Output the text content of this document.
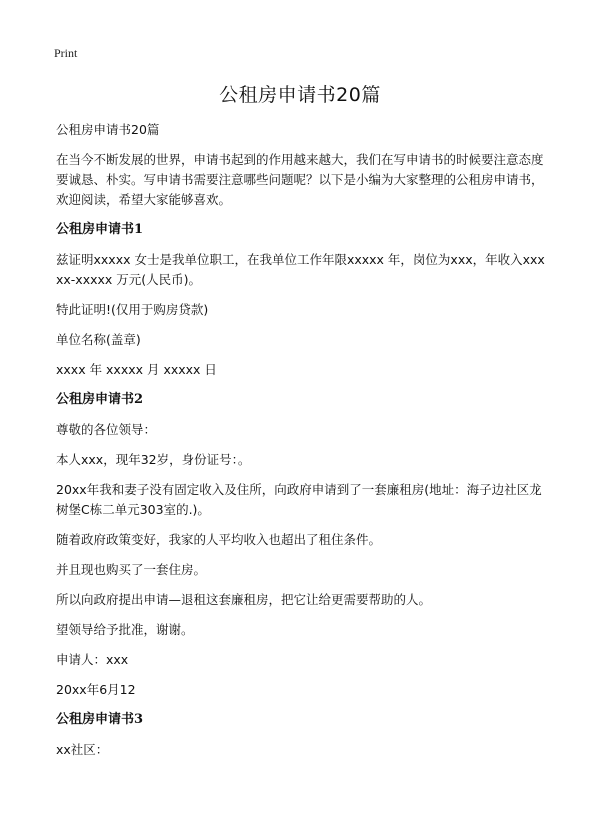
Print
公租房申请书20篇

公租房申请书20篇

在当今不断发展的世界，申请书起到的作用越来越大，我们在写申请书的时候要注意态度要诚恳、朴实。写申请书需要注意哪些问题呢？以下是小编为大家整理的公租房申请书，欢迎阅读，希望大家能够喜欢。

公租房申请书1

兹证明xxxxx 女士是我单位职工，在我单位工作年限xxxxx 年，岗位为xxx，年收入xxxxx-xxxxx 万元(人民币)。

特此证明!(仅用于购房贷款)

单位名称(盖章)

xxxx 年 xxxxx 月 xxxxx 日

公租房申请书2

尊敬的各位领导：

本人xxx，现年32岁，身份证号：。

20xx年我和妻子没有固定收入及住所，向政府申请到了一套廉租房(地址：海子边社区龙树堡C栋二单元303室的.)。

随着政府政策变好，我家的人平均收入也超出了租住条件。

并且现也购买了一套住房。

所以向政府提出申请—退租这套廉租房，把它让给更需要帮助的人。

望领导给予批准，谢谢。

申请人：xxx

20xx年6月12

公租房申请书3

xx社区：
